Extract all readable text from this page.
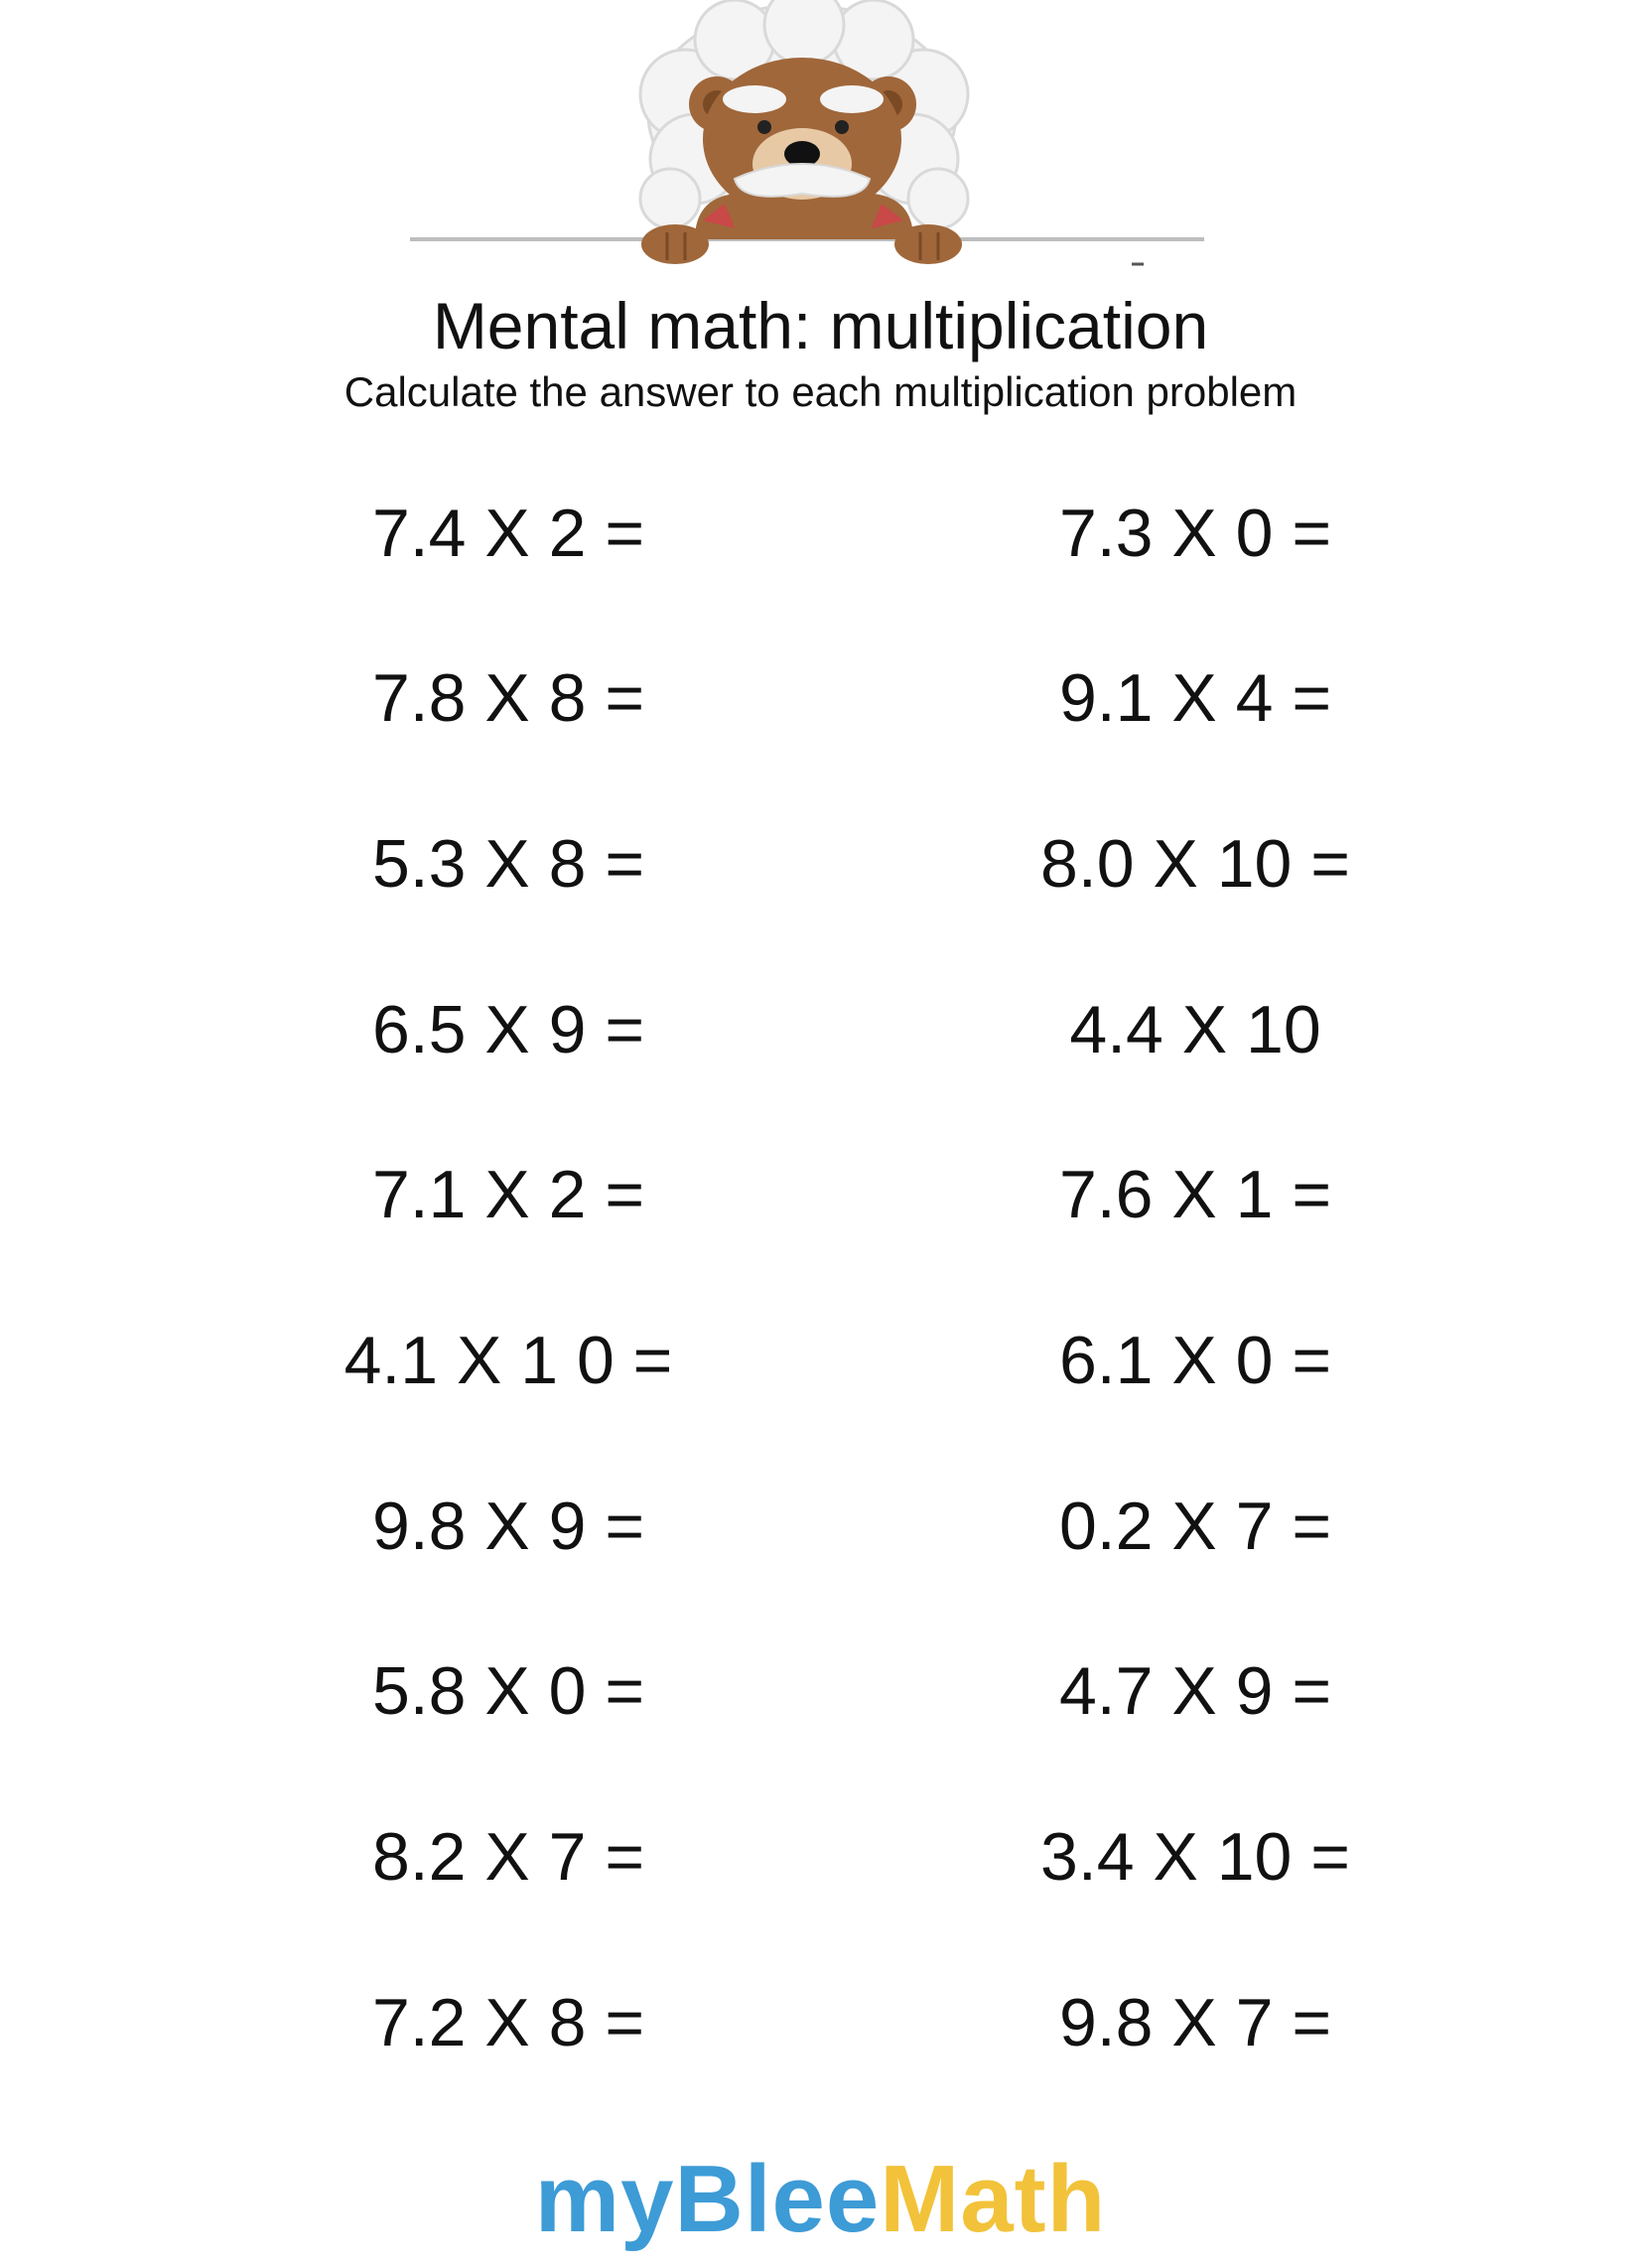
Mental math: multiplication
Calculate the answer to each multiplication problem
7.4 X 2 =
7.8 X 8 =
5.3 X 8 =
6.5 X 9 =
7.1 X 2 =
4.1 X 1 0 =
9.8 X 9 =
5.8 X 0 =
8.2 X 7 =
7.2 X 8 =
7.3 X 0 =
9.1 X 4 =
8.0 X 10 =
4.4 X 10
7.6 X 1 =
6.1 X 0 =
0.2 X 7 =
4.7 X 9 =
3.4 X 10 =
9.8 X 7 =
myBleeMath
